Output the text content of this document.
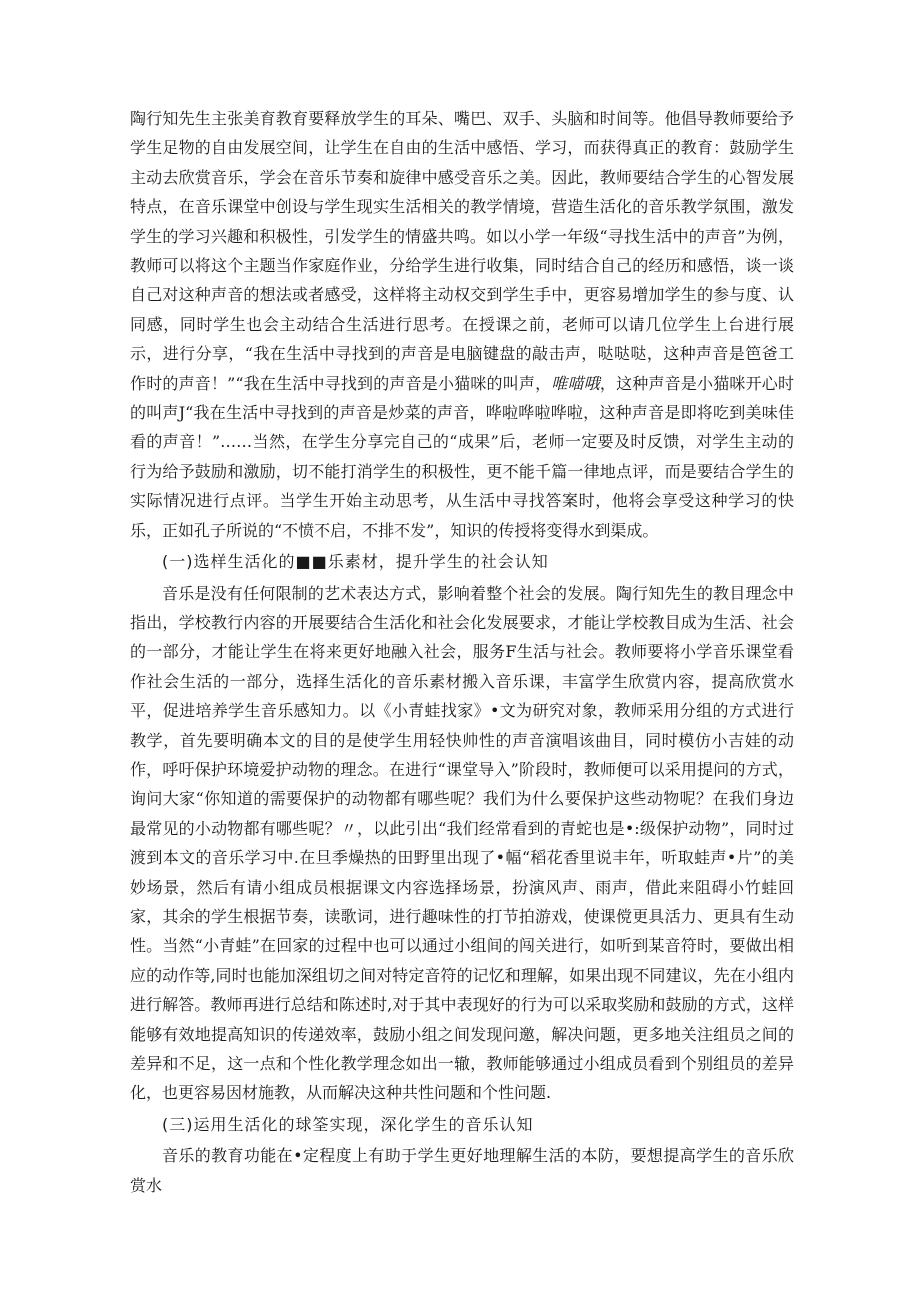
陶行知先生主张美育教育要释放学生的耳朵、嘴巴、双手、头脑和时间等。他倡导教师要给予学生足物的自由发展空间，让学生在自由的生活中感悟、学习，而获得真正的教育：鼓励学生主动去欣赏音乐，学会在音乐节奏和旋律中感受音乐之美。因此，教师要结合学生的心智发展特点，在音乐课堂中创设与学生现实生活相关的教学情境，营造生活化的音乐教学氛围，激发学生的学习兴趣和积极性，引发学生的情盛共鸣。如以小学一年级“寻找生活中的声音”为例，教师可以将这个主题当作家庭作业，分给学生进行收集，同时结合自己的经历和感悟，谈一谈自己对这种声音的想法或者感受，这样将主动权交到学生手中，更容易增加学生的参与度、认同感，同时学生也会主动结合生活进行思考。在授课之前，老师可以请几位学生上台进行展示，进行分享，“我在生活中寻找到的声音是电脑键盘的敲击声，哒哒哒，这种声音是笆爸工作时的声音！”“我在生活中寻找到的声音是小猫咪的叫声，唯喵哦，这种声音是小猫咪开心时的叫声J“我在生活中寻找到的声音是炒菜的声音，哗啦哗啦哗啦，这种声音是即将吃到美味佳看的声音！”……当然，在学生分享完自己的“成果”后，老师一定要及时反馈，对学生主动的行为给予鼓励和激励，切不能打消学生的积极性，更不能千篇一律地点评，而是要结合学生的实际情况进行点评。当学生开始主动思考，从生活中寻找答案时，他将会享受这种学习的快乐，正如孔子所说的“不愤不启，不排不发”，知识的传授将变得水到渠成。

(一)选样生活化的■■乐素材，提升学生的社会认知

音乐是没有任何限制的艺术表达方式，影响着整个社会的发展。陶行知先生的教目理念中指出，学校教行内容的开展要结合生活化和社会化发展要求，才能让学校教目成为生活、社会的一部分，才能让学生在将来更好地融入社会，服务F生活与社会。教师要将小学音乐课堂看作社会生活的一部分，选择生活化的音乐素材搬入音乐课，丰富学生欣赏内容，提高欣赏水平，促进培养学生音乐感知力。以《小青蛙找家》•文为研究对象，教师采用分组的方式进行教学，首先要明确本文的目的是使学生用轻快帅性的声音演唱该曲目，同时模仿小吉娃的动作，呼吁保护环境爱护动物的理念。在进行“课堂导入”阶段时，教师便可以采用提问的方式，询问大家“你知道的需要保护的动物都有哪些呢？我们为什么要保护这些动物呢？在我们身边最常见的小动物都有哪些呢？〃，以此引出“我们经常看到的青蛇也是•:级保护动物”，同时过渡到本文的音乐学习中.在旦季燥热的田野里出现了•幅“稻花香里说丰年，听取蛙声•片”的美妙场景，然后有请小组成员根据课文内容选择场景，扮演风声、雨声，借此来阻碍小竹蛙回家，其余的学生根据节奏，读歌词，进行趣味性的打节拍游戏，使课傥更具活力、更具有生动性。当然“小青蛙”在回家的过程中也可以通过小组间的闯关进行，如听到某音符时，要做出相应的动作等,同时也能加深组切之间对特定音符的记忆和理解，如果出现不同建议，先在小组内进行解答。教师再进行总结和陈述时,对于其中表现好的行为可以采取奖励和鼓励的方式，这样能够有效地提高知识的传递效率，鼓励小组之间发现问邀，解决问题，更多地关注组员之间的差异和不足，这一点和个性化教学理念如出一辙，教师能够通过小组成员看到个别组员的差异化，也更容易因材施教，从而解决这种共性问题和个性问题.

(三)运用生活化的球筌实现，深化学生的音乐认知

音乐的教育功能在•定程度上有助于学生更好地理解生活的本防，要想提高学生的音乐欣赏水
